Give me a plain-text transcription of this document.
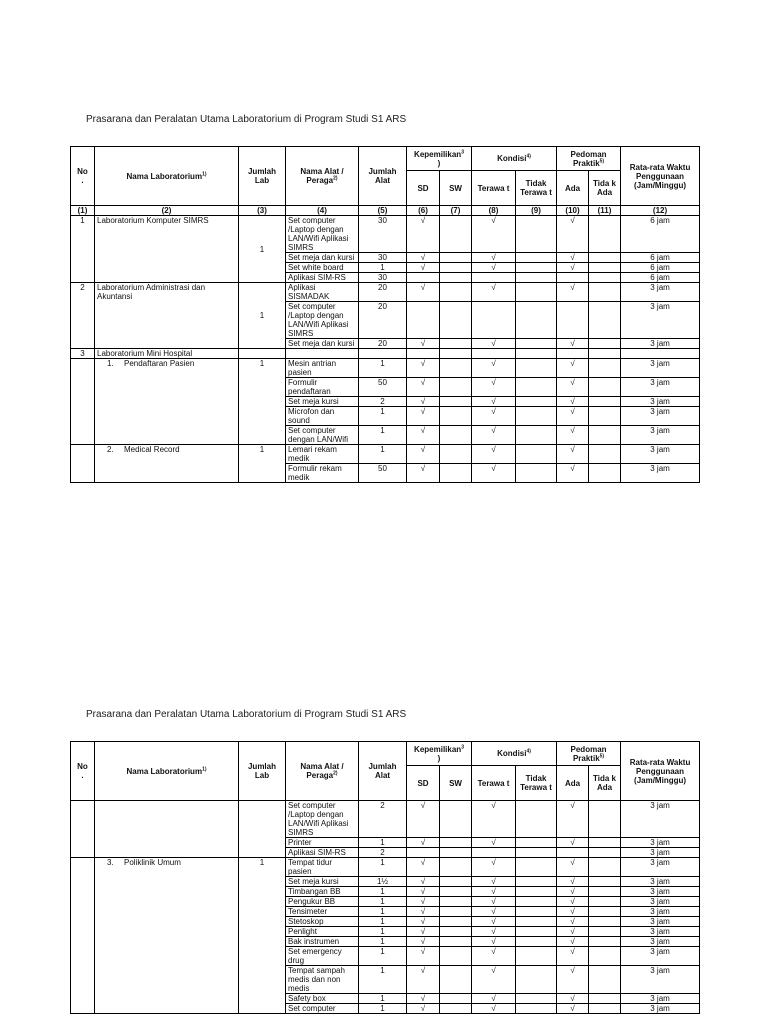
Prasarana dan Peralatan Utama Laboratorium di Program Studi S1 ARS
No
.	Nama Laboratorium$^{1)}$	Jumlah Lab	Nama Alat / Peraga$^{2)}$	Jumlah Alat	Kepemilikan$^3$
)		Kondisi$^{4)}$		Pedoman Praktik$^{5)}$		Rata-rata Waktu Penggunaan (Jam/Minggu)
					SD	SW	Terawa t	Tidak Terawa t	Ada	Tida k Ada	
(1)	(2)	(3)	(4)	(5)	(6)	(7)	(8)	(9)	(10)	(11)	(12)
1	Laboratorium Komputer SIMRS	1	Set computer /Laptop dengan LAN/Wifi Aplikasi SIMRS	30	√		√		√		6 jam
			Set meja dan kursi	30	√		√		√		6 jam
			Set white board	1	√		√		√		6 jam
			Aplikasi SIM-RS	30							6 jam
2	Laboratorium Administrasi dan Akuntansi	1	Aplikasi SISMADAK	20	√		√		√		3 jam
			Set computer /Laptop dengan LAN/Wifi Aplikasi SIMRS	20							3 jam
			Set meja dan kursi	20	√		√		√		3 jam
3	Laboratorium Mini Hospital										
	1. Pendaftaran Pasien	1	Mesin antrian pasien	1	√		√		√		3 jam
			Formulir pendaftaran	50	√		√		√		3 jam
			Set meja kursi	2	√		√		√		3 jam
			Microfon dan sound	1	√		√		√		3 jam
			Set computer dengan LAN/Wifi	1	√		√		√		3 jam
	2. Medical Record	1	Lemari rekam medik	1	√		√		√		3 jam
			Formulir rekam medik	50	√		√		√		3 jam
Prasarana dan Peralatan Utama Laboratorium di Program Studi S1 ARS
No
.	Nama Laboratorium$^{1)}$	Jumlah Lab	Nama Alat / Peraga$^{2)}$	Jumlah Alat	Kepemilikan$^3$
)		Kondisi$^{4)}$		Pedoman Praktik$^{5)}$		Rata-rata Waktu Penggunaan (Jam/Minggu)
					SD	SW	Terawa t	Tidak Terawa t	Ada	Tida k Ada	
			Set computer /Laptop dengan LAN/Wifi Aplikasi SIMRS	2	√		√		√		3 jam
			Printer	1	√		√		√		3 jam
			Aplikasi SIM-RS	2							3 jam
	3. Poliklinik Umum	1	Tempat tidur pasien	1	√		√		√		3 jam
			Set meja kursi	1½	√		√		√		3 jam
			Timbangan BB	1	√		√		√		3 jam
			Pengukur BB	1	√		√		√		3 jam
			Tensimeter	1	√		√		√		3 jam
			Stetoskop	1	√		√		√		3 jam
			Penlight	1	√		√		√		3 jam
			Bak instrumen	1	√		√		√		3 jam
			Set emergency drug	1	√		√		√		3 jam
			Tempat sampah medis dan non medis	1	√		√		√		3 jam
			Safety box	1	√		√		√		3 jam
			Set computer	1	√		√		√		3 jam
